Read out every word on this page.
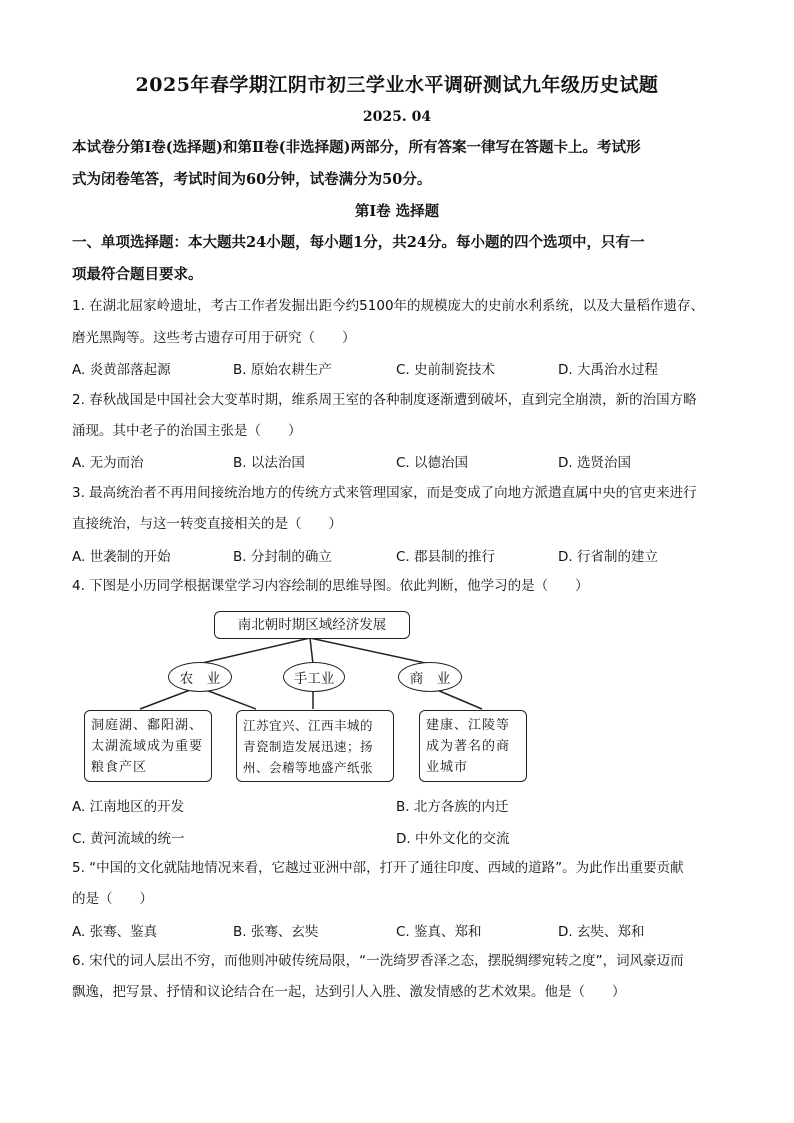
2025年春学期江阴市初三学业水平调研测试九年级历史试题
2025. 04
本试卷分第Ⅰ卷(选择题)和第Ⅱ卷(非选择题)两部分，所有答案一律写在答题卡上。考试形
式为闭卷笔答，考试时间为60分钟，试卷满分为50分。
第Ⅰ卷 选择题
一、单项选择题：本大题共24小题，每小题1分，共24分。每小题的四个选项中，只有一
项最符合题目要求。
1. 在湖北屈家岭遗址，考古工作者发掘出距今约5100年的规模庞大的史前水利系统，以及大量稻作遗存、
磨光黑陶等。这些考古遗存可用于研究（　　）
A. 炎黄部落起源	B. 原始农耕生产	C. 史前制瓷技术	D. 大禹治水过程
2. 春秋战国是中国社会大变革时期，维系周王室的各种制度逐渐遭到破坏，直到完全崩溃，新的治国方略
涌现。其中老子的治国主张是（　　）
A. 无为而治	B. 以法治国	C. 以德治国	D. 选贤治国
3. 最高统治者不再用间接统治地方的传统方式来管理国家，而是变成了向地方派遣直属中央的官吏来进行
直接统治，与这一转变直接相关的是（　　）
A. 世袭制的开始	B. 分封制的确立	C. 郡县制的推行	D. 行省制的建立
4. 下图是小历同学根据课堂学习内容绘制的思维导图。依此判断，他学习的是（　　）
南北朝时期区域经济发展
农　业	手工业	商　业
洞庭湖、鄱阳湖、
太湖流域成为重要
粮食产区
江苏宜兴、江西丰城的
青瓷制造发展迅速；扬
州、会稽等地盛产纸张
建康、江陵等
成为著名的商
业城市
A. 江南地区的开发	B. 北方各族的内迁
C. 黄河流域的统一	D. 中外文化的交流
5. “中国的文化就陆地情况来看，它越过亚洲中部，打开了通往印度、西域的道路”。为此作出重要贡献
的是（　　）
A. 张骞、鉴真	B. 张骞、玄奘	C. 鉴真、郑和	D. 玄奘、郑和
6. 宋代的词人层出不穷，而他则冲破传统局限，“一洗绮罗香泽之态，摆脱绸缪宛转之度”，词风豪迈而
飘逸，把写景、抒情和议论结合在一起，达到引人入胜、激发情感的艺术效果。他是（　　）
